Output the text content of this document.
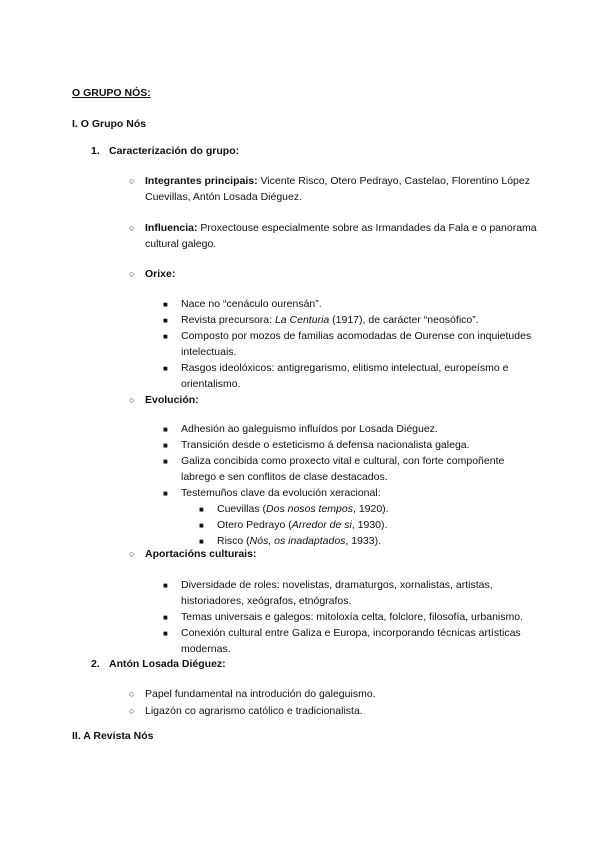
O GRUPO NÓS:
I. O Grupo Nós
1. Caracterización do grupo:
○ Integrantes principais: Vicente Risco, Otero Pedrayo, Castelao, Florentino López
Cuevillas, Antón Losada Diéguez.
○ Influencia: Proxectouse especialmente sobre as Irmandades da Fala e o panorama
cultural galego.
○ Orixe:
■ Nace no “cenáculo ourensán”.
■ Revista precursora: La Centuria (1917), de carácter “neosófico”.
■ Composto por mozos de familias acomodadas de Ourense con inquietudes
intelectuais.
■ Rasgos ideolóxicos: antigregarismo, elitismo intelectual, europeísmo e
orientalismo.
○ Evolución:
■ Adhesión ao galeguismo influídos por Losada Diéguez.
■ Transición desde o esteticismo á defensa nacionalista galega.
■ Galiza concibida como proxecto vital e cultural, con forte compoñente
labrego e sen conflitos de clase destacados.
■ Testemuños clave da evolución xeracional:
■ Cuevillas (Dos nosos tempos, 1920).
■ Otero Pedrayo (Arredor de si, 1930).
■ Risco (Nós, os inadaptados, 1933).
○ Aportacións culturais:
■ Diversidade de roles: novelistas, dramaturgos, xornalistas, artistas,
historiadores, xeógrafos, etnógrafos.
■ Temas universais e galegos: mitoloxía celta, folclore, filosofía, urbanismo.
■ Conexión cultural entre Galiza e Europa, incorporando técnicas artísticas
modernas.
2. Antón Losada Diéguez:
○ Papel fundamental na introdución do galeguismo.
○ Ligazón co agrarismo católico e tradicionalista.
II. A Revista Nós
